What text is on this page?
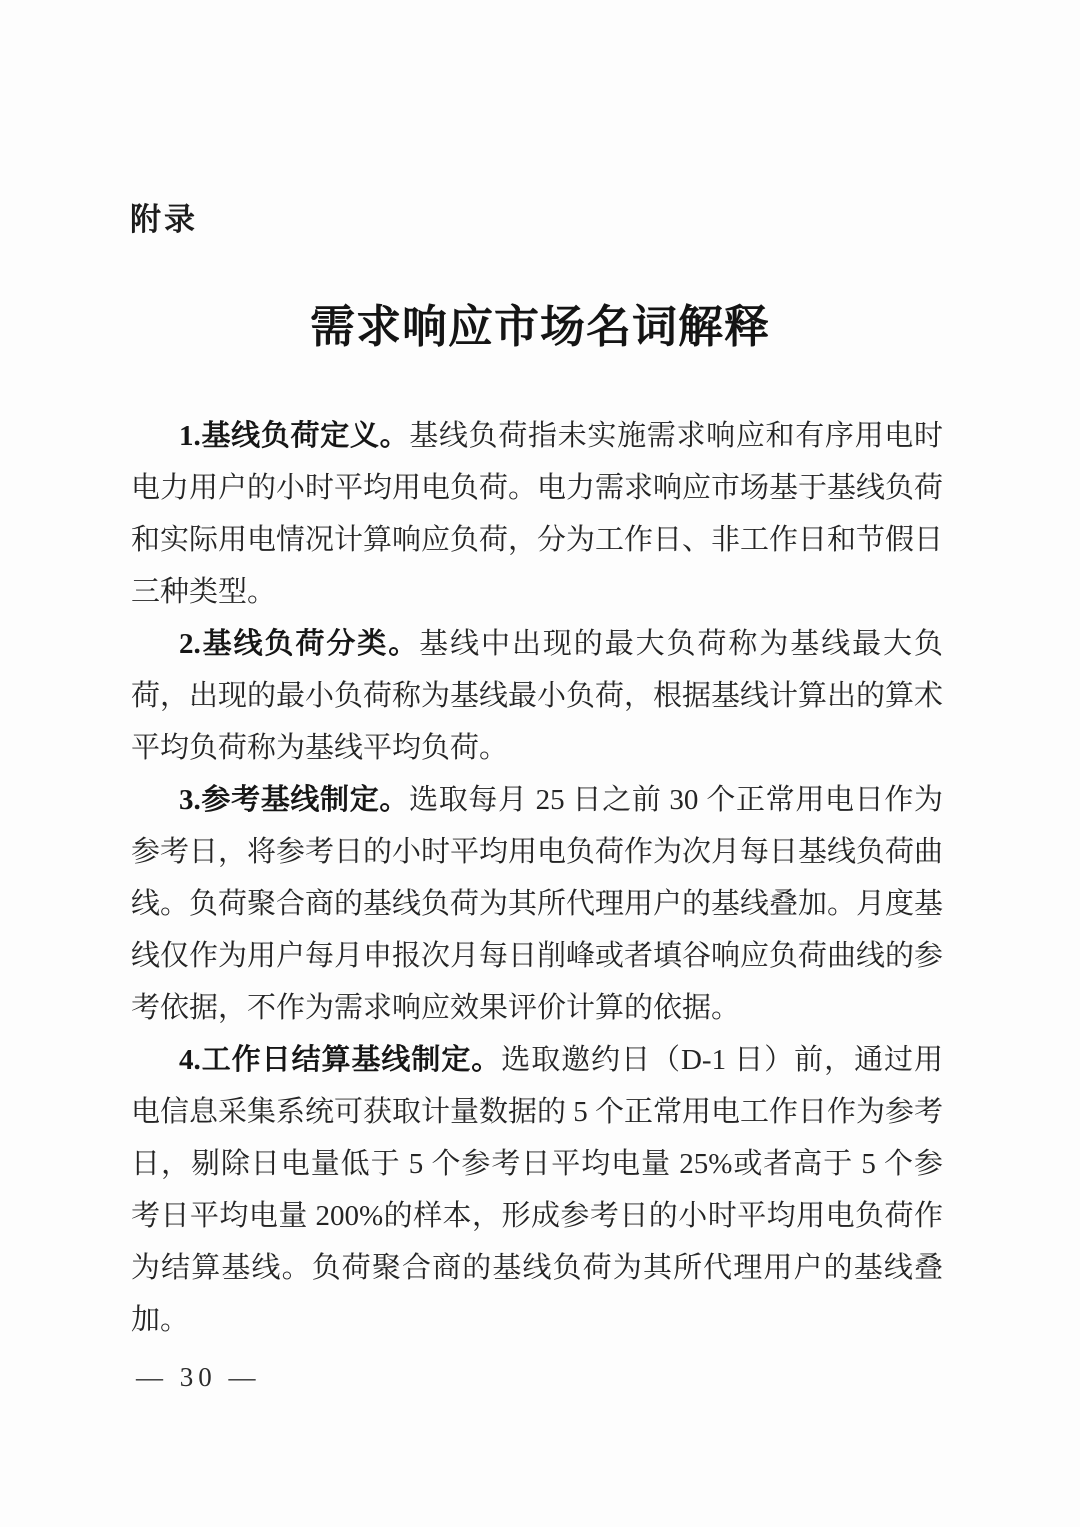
附录
需求响应市场名词解释

1.基线负荷定义。基线负荷指未实施需求响应和有序用电时电力用户的小时平均用电负荷。电力需求响应市场基于基线负荷和实际用电情况计算响应负荷，分为工作日、非工作日和节假日三种类型。

2.基线负荷分类。基线中出现的最大负荷称为基线最大负荷，出现的最小负荷称为基线最小负荷，根据基线计算出的算术平均负荷称为基线平均负荷。

3.参考基线制定。选取每月 25 日之前 30 个正常用电日作为参考日，将参考日的小时平均用电负荷作为次月每日基线负荷曲线。负荷聚合商的基线负荷为其所代理用户的基线叠加。月度基线仅作为用户每月申报次月每日削峰或者填谷响应负荷曲线的参考依据，不作为需求响应效果评价计算的依据。

4.工作日结算基线制定。选取邀约日（D-1 日）前，通过用电信息采集系统可获取计量数据的 5 个正常用电工作日作为参考日，剔除日电量低于 5 个参考日平均电量 25%或者高于 5 个参考日平均电量 200%的样本，形成参考日的小时平均用电负荷作为结算基线。负荷聚合商的基线负荷为其所代理用户的基线叠加。

— 30 —
